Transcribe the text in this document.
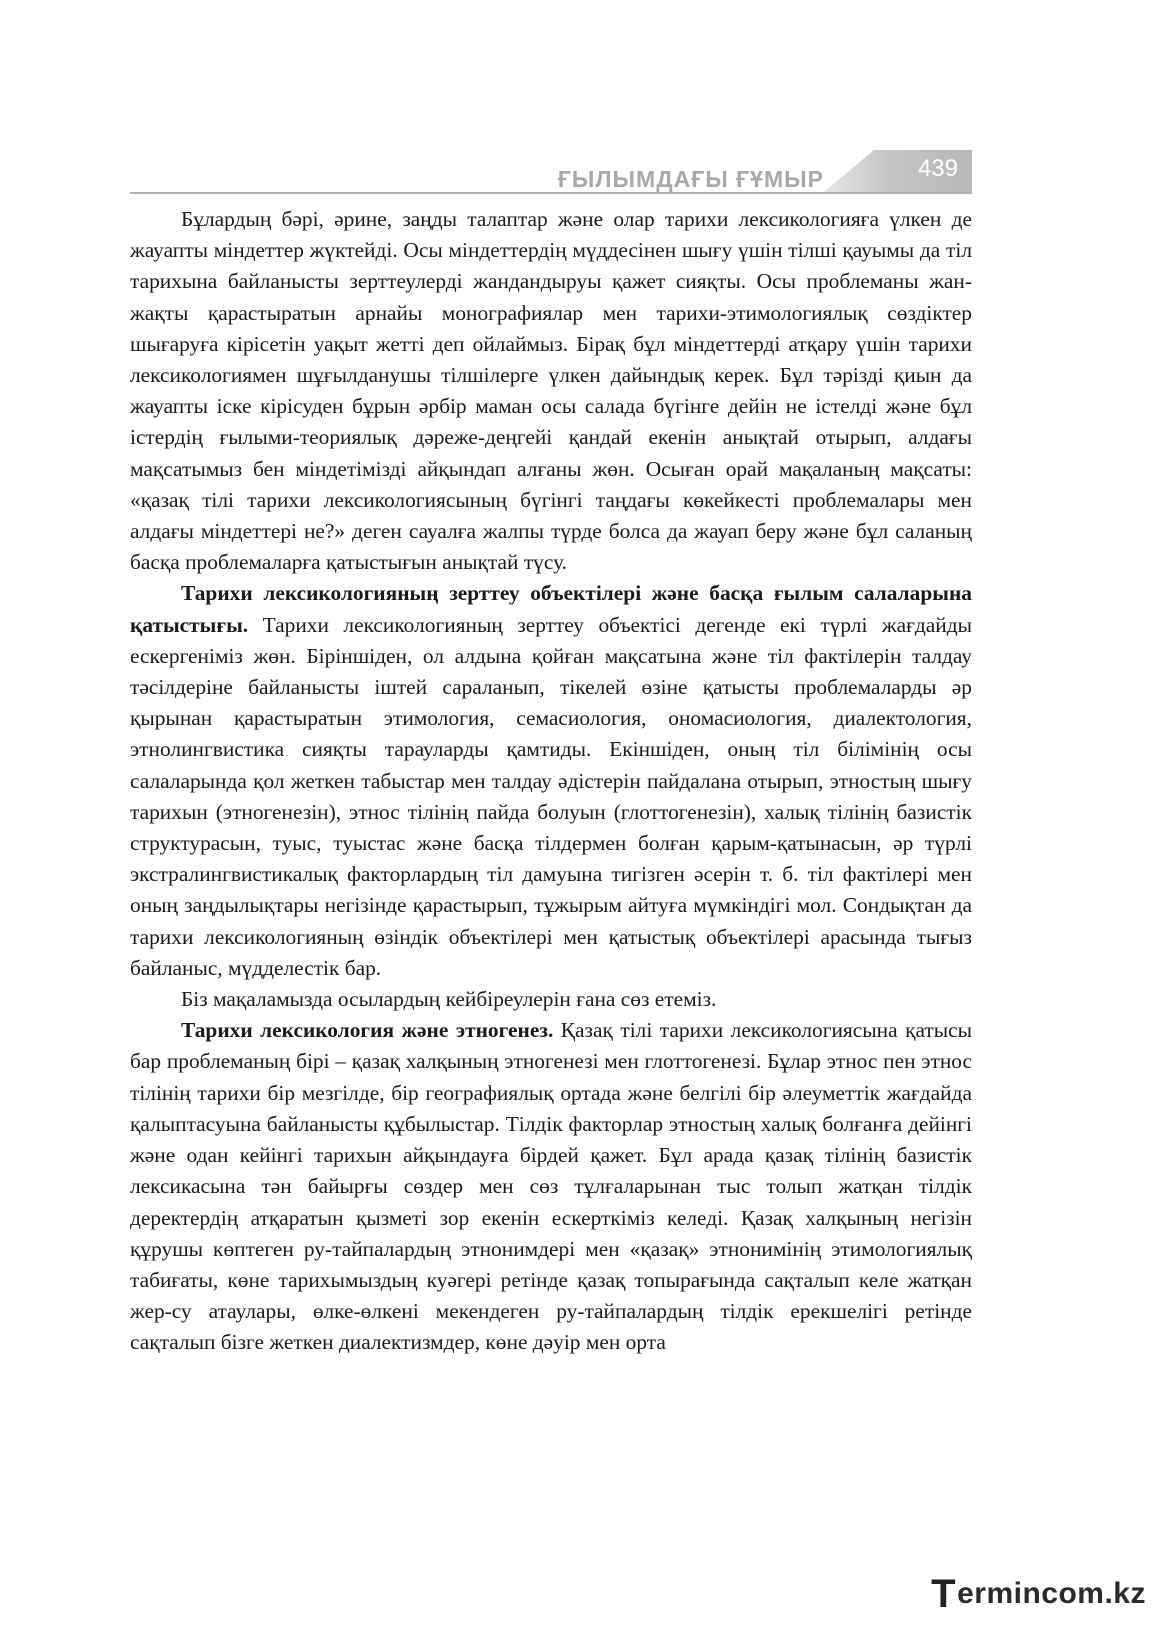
ҒЫЛЫМДАҒЫ ҒҰМЫР	439

Бұлардың бәрі, әрине, заңды талаптар және олар тарихи лексикологияға үлкен де жауапты міндеттер жүктейді. Осы міндеттердің мүддесінен шығу үшін тілші қауымы да тіл тарихына байланысты зерттеулерді жандандыруы қажет сияқты. Осы проблеманы жан-жақты қарастыратын арнайы монографиялар мен тарихи-этимологиялық сөздіктер шығаруға кірісетін уақыт жетті деп ойлаймыз. Бірақ бұл міндеттерді атқару үшін тарихи лексикологиямен шұғылданушы тілшілерге үлкен дайындық керек. Бұл тәрізді қиын да жауапты іске кірісуден бұрын әрбір маман осы салада бүгінге дейін не істелді және бұл істердің ғылыми-теориялық дәреже-деңгейі қандай екенін анықтай отырып, алдағы мақсатымыз бен міндетімізді айқындап алғаны жөн. Осыған орай мақаланың мақсаты: «қазақ тілі тарихи лексикологиясының бүгінгі таңдағы көкейкесті проблемалары мен алдағы міндеттері не?» деген сауалға жалпы түрде болса да жауап беру және бұл саланың басқа проблемаларға қатыстығын анықтай түсу.

Тарихи лексикологияның зерттеу объектілері және басқа ғылым салаларына қатыстығы. Тарихи лексикологияның зерттеу объектісі дегенде екі түрлі жағдайды ескергеніміз жөн. Біріншіден, ол алдына қойған мақсатына және тіл фактілерін талдау тәсілдеріне байланысты іштей сараланып, тікелей өзіне қатысты проблемаларды әр қырынан қарастыратын этимология, семасиология, ономасиология, диалектология, этнолингвистика сияқты тарауларды қамтиды. Екіншіден, оның тіл білімінің осы салаларында қол жеткен табыстар мен талдау әдістерін пайдалана отырып, этностың шығу тарихын (этногенезін), этнос тілінің пайда болуын (глоттогенезін), халық тілінің базистік структурасын, туыс, туыстас және басқа тілдермен болған қарым-қатынасын, әр түрлі экстралингвистикалық факторлардың тіл дамуына тигізген әсерін т. б. тіл фактілері мен оның заңдылықтары негізінде қарастырып, тұжырым айтуға мүмкіндігі мол. Сондықтан да тарихи лексикологияның өзіндік объектілері мен қатыстық объектілері арасында тығыз байланыс, мүдделестік бар.

Біз мақаламызда осылардың кейбіреулерін ғана сөз етеміз.

Тарихи лексикология және этногенез. Қазақ тілі тарихи лексикологиясына қатысы бар проблеманың бірі – қазақ халқының этногенезі мен глоттогенезі. Бұлар этнос пен этнос тілінің тарихи бір мезгілде, бір географиялық ортада және белгілі бір әлеуметтік жағдайда қалыптасуына байланысты құбылыстар. Тілдік факторлар этностың халық болғанға дейінгі және одан кейінгі тарихын айқындауға бірдей қажет. Бұл арада қазақ тілінің базистік лексикасына тән байырғы сөздер мен сөз тұлғаларынан тыс толып жатқан тілдік деректердің атқаратын қызметі зор екенін ескерткіміз келеді. Қазақ халқының негізін құрушы көптеген ру-тайпалардың этнонимдері мен «қазақ» этнонимінің этимологиялық табиғаты, көне тарихымыздың куәгері ретінде қазақ топырағында сақталып келе жатқан жер-су атаулары, өлке-өлкені мекендеген ру-тайпалардың тілдік ерекшелігі ретінде сақталып бізге жеткен диалектизмдер, көне дәуір мен орта

T ermincom .kz
